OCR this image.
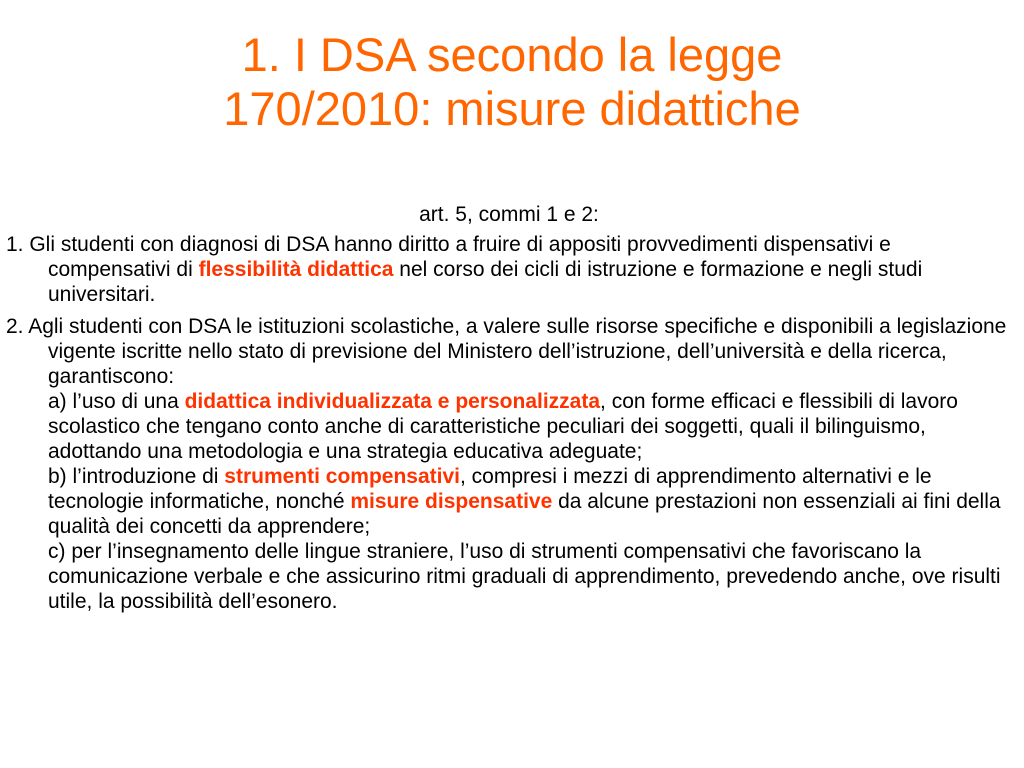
1. I DSA secondo la legge
170/2010: misure didattiche
art. 5, commi 1 e 2:
1. Gli studenti con diagnosi di DSA hanno diritto a fruire di appositi provvedimenti dispensativi e compensativi di flessibilità didattica nel corso dei cicli di istruzione e formazione e negli studi universitari.
2. Agli studenti con DSA le istituzioni scolastiche, a valere sulle risorse specifiche e disponibili a legislazione vigente iscritte nello stato di previsione del Ministero dell’istruzione, dell’università e della ricerca, garantiscono:
a) l’uso di una didattica individualizzata e personalizzata, con forme efficaci e flessibili di lavoro scolastico che tengano conto anche di caratteristiche peculiari dei soggetti, quali il bilinguismo, adottando una metodologia e una strategia educativa adeguate;
b) l’introduzione di strumenti compensativi, compresi i mezzi di apprendimento alternativi e le tecnologie informatiche, nonché misure dispensative da alcune prestazioni non essenziali ai fini della qualità dei concetti da apprendere;
c) per l’insegnamento delle lingue straniere, l’uso di strumenti compensativi che favoriscano la comunicazione verbale e che assicurino ritmi graduali di apprendimento, prevedendo anche, ove risulti utile, la possibilità dell’esonero.
